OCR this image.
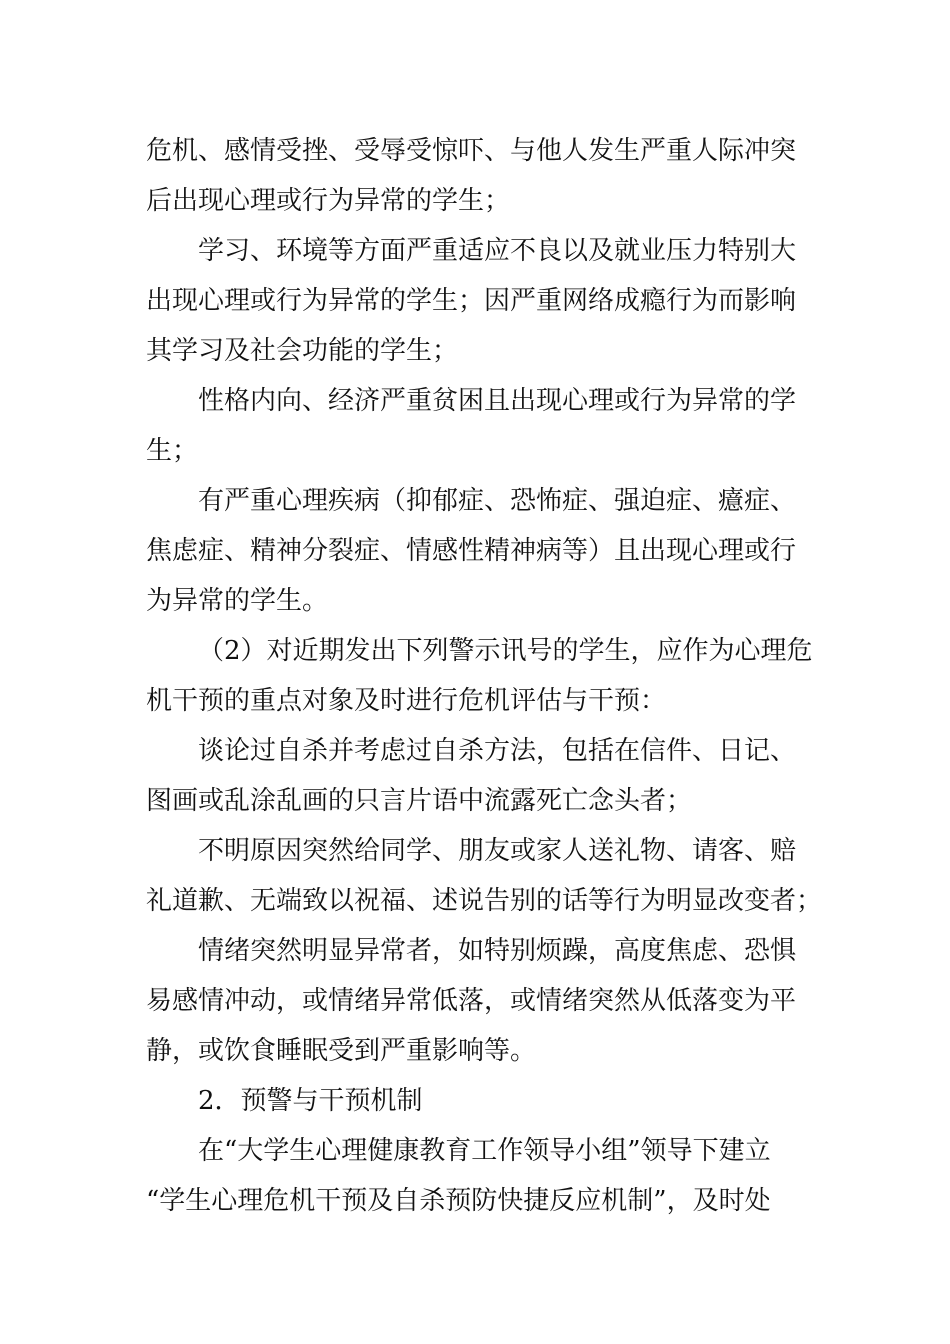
危机、感情受挫、受辱受惊吓、与他人发生严重人际冲突

后出现心理或行为异常的学生；

学习、环境等方面严重适应不良以及就业压力特别大

出现心理或行为异常的学生；因严重网络成瘾行为而影响

其学习及社会功能的学生；

性格内向、经济严重贫困且出现心理或行为异常的学

生；

有严重心理疾病（抑郁症、恐怖症、强迫症、癔症、

焦虑症、精神分裂症、情感性精神病等）且出现心理或行

为异常的学生。

（2）对近期发出下列警示讯号的学生，应作为心理危

机干预的重点对象及时进行危机评估与干预：

谈论过自杀并考虑过自杀方法，包括在信件、日记、

图画或乱涂乱画的只言片语中流露死亡念头者；

不明原因突然给同学、朋友或家人送礼物、请客、赔

礼道歉、无端致以祝福、述说告别的话等行为明显改变者；

情绪突然明显异常者，如特别烦躁，高度焦虑、恐惧

易感情冲动，或情绪异常低落，或情绪突然从低落变为平

静，或饮食睡眠受到严重影响等。

2．预警与干预机制

在“大学生心理健康教育工作领导小组”领导下建立

“学生心理危机干预及自杀预防快捷反应机制”，及时处
